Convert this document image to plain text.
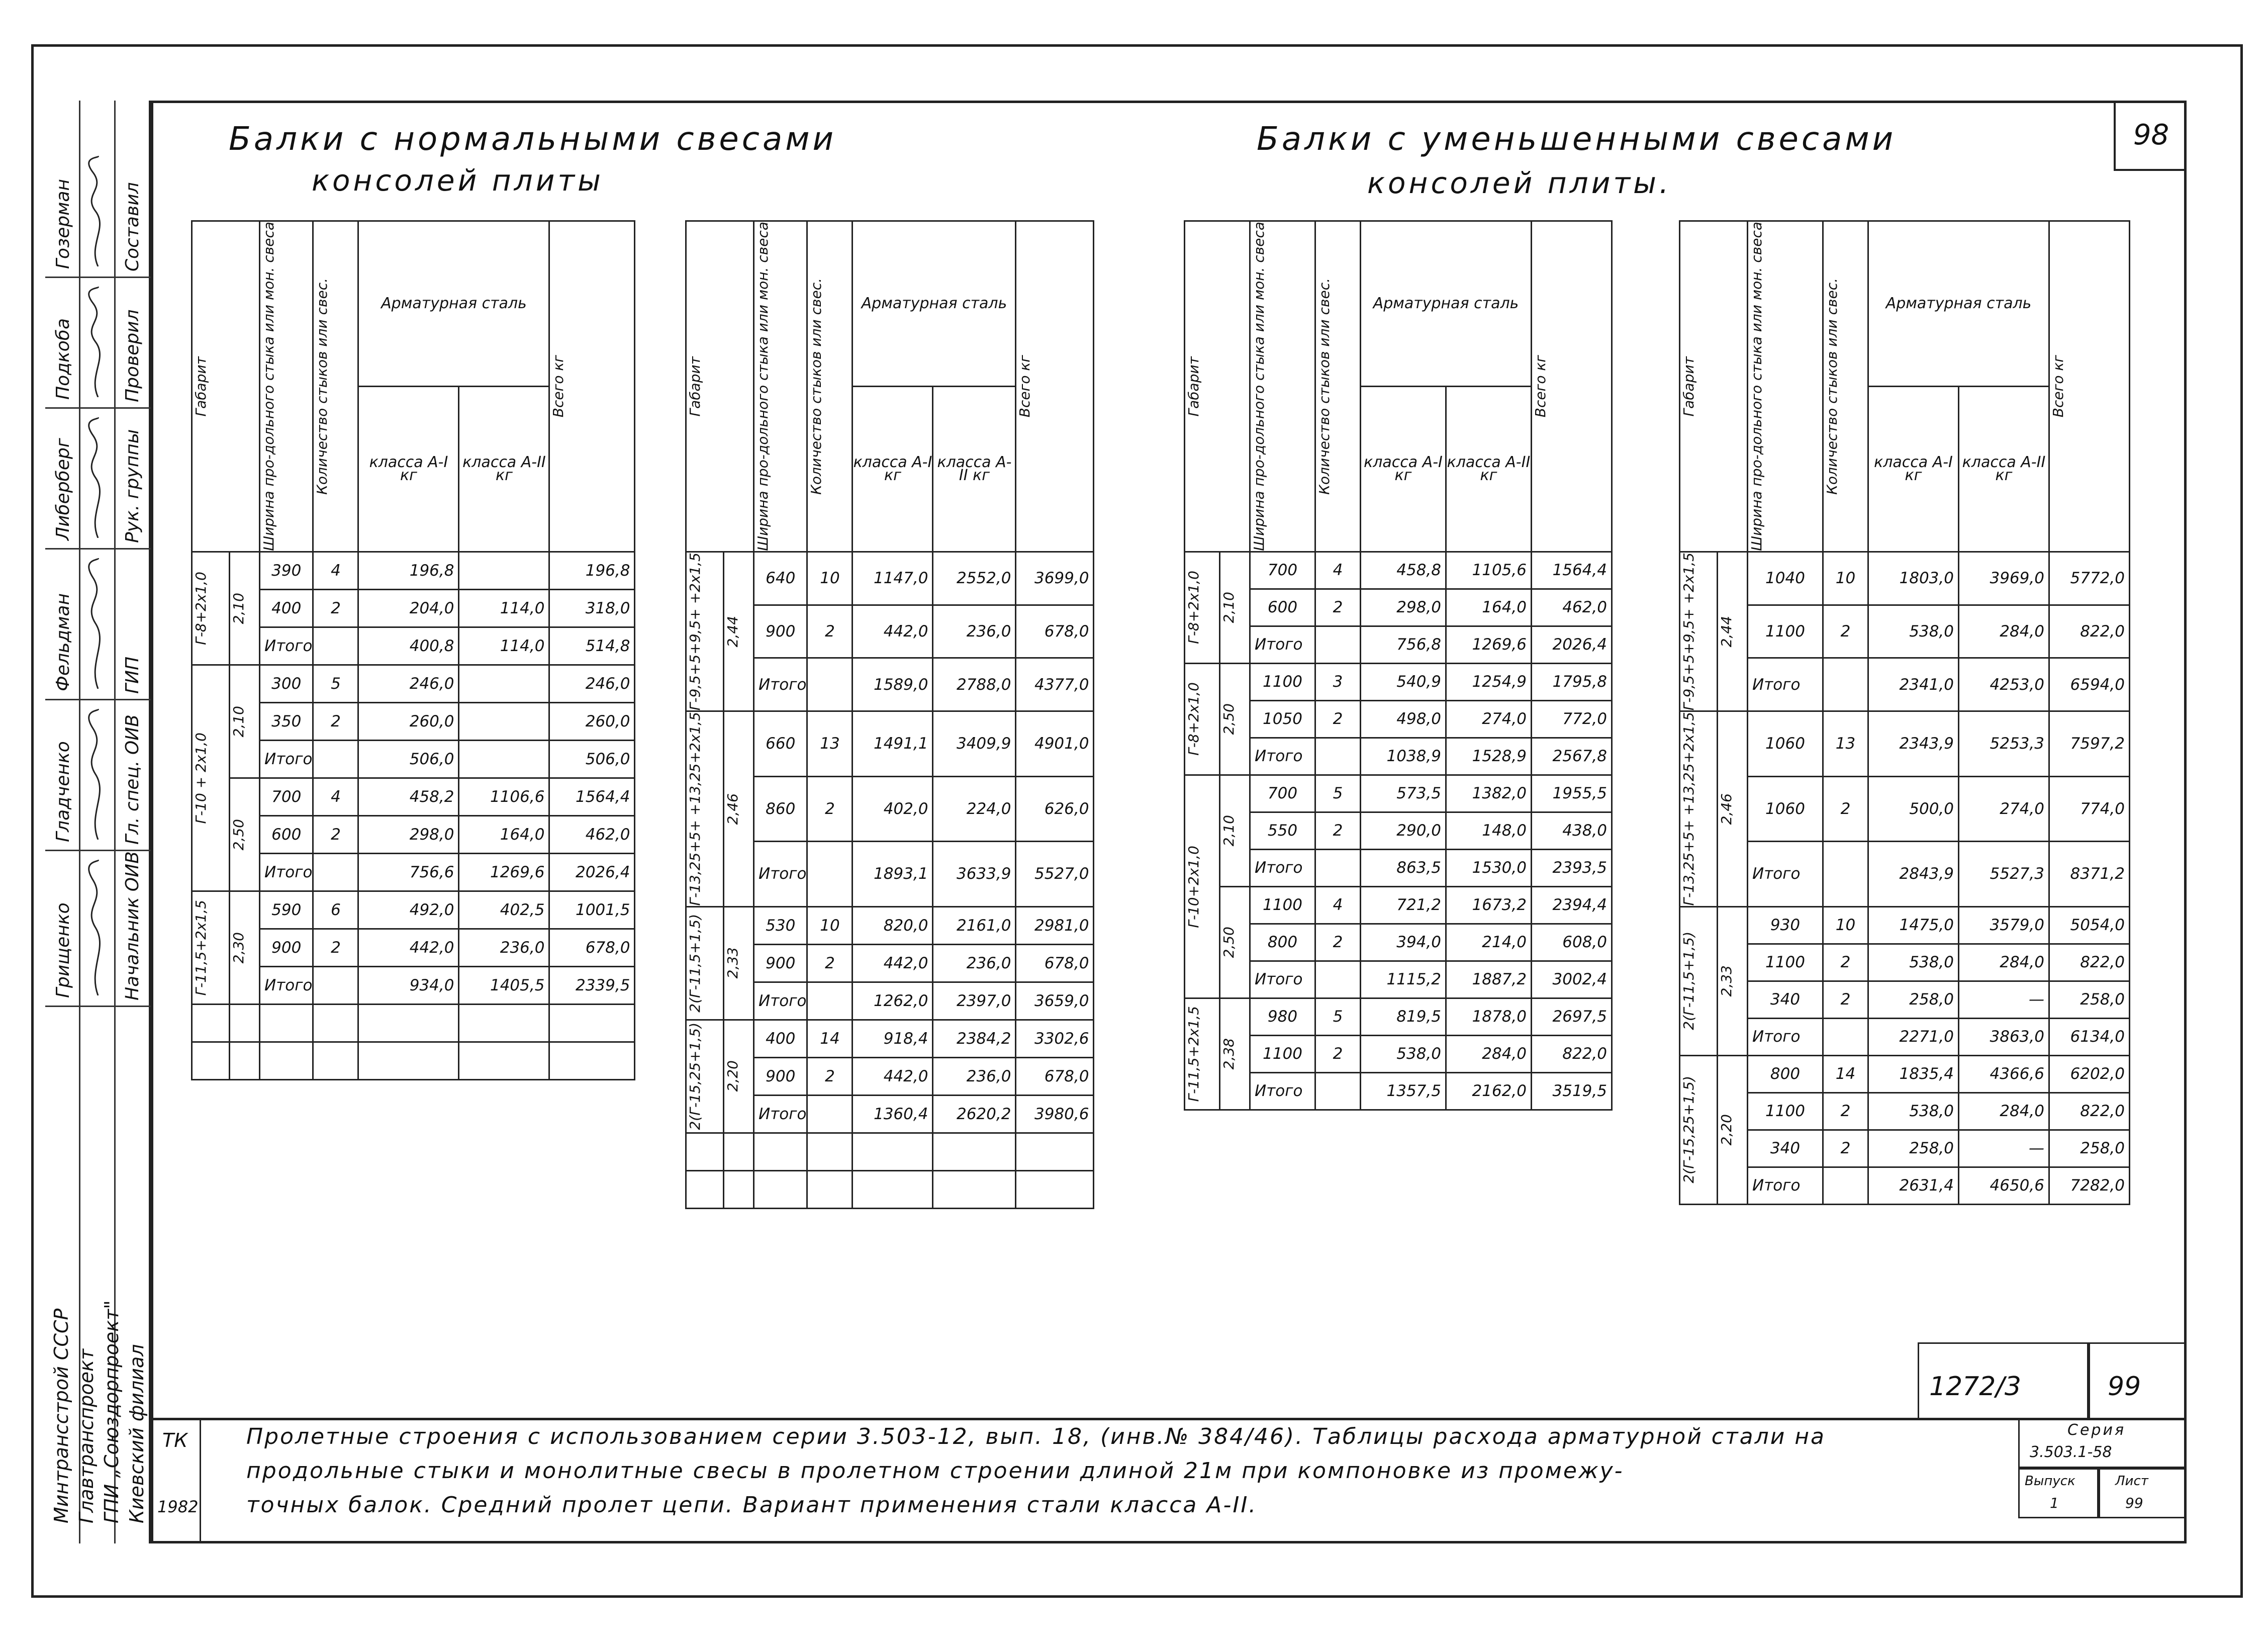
Составил
Проверил
Рук. группы
ГИП
Гл. спец. ОИВ
Начальник ОИВ
Гозерман
Подкоба
Либерберг
Фельдман
Гладченко
Грищенко
Минтрансстрой СССР Главтранспроект ГПИ „Союздорпроект" Киевский филиал
98
Балки с нормальными свесами
консолей плиты
Балки с уменьшенными свесами
консолей плиты.
Габарит		Ширина про-дольного стыка или мон. свеса	Количество стыков или свес.	Арматурная сталь		Всего кг

				класса А-I кг	класса А-II кг	

Г-8+2х1,0	2,10	390	4	196,8		196,8
		400	2	204,0	114,0	318,0
		Итого		400,8	114,0	514,8

Г-10 + 2х1,0	2,10	300	5	246,0		246,0
		350	2	260,0		260,0
		Итого		506,0		506,0

	2,50	700	4	458,2	1106,6	1564,4
		600	2	298,0	164,0	462,0
		Итого		756,6	1269,6	2026,4

Г-11,5+2х1,5	2,30	590	6	492,0	402,5	1001,5
		900	2	442,0	236,0	678,0
		Итого		934,0	1405,5	2339,5

Габарит		Ширина про-дольного стыка или мон. свеса	Количество стыков или свес.	Арматурная сталь		Всего кг

				класса А-I кг	класса А-II кг	

Г-9,5+5+9,5+ +2х1,5	2,44	640	10	1147,0	2552,0	3699,0
		900	2	442,0	236,0	678,0
		Итого		1589,0	2788,0	4377,0

Г-13,25+5+ +13,25+2х1,5	2,46	660	13	1491,1	3409,9	4901,0
		860	2	402,0	224,0	626,0
		Итого		1893,1	3633,9	5527,0

2(Г-11,5+1,5)	2,33	530	10	820,0	2161,0	2981,0
		900	2	442,0	236,0	678,0
		Итого		1262,0	2397,0	3659,0

2(Г-15,25+1,5)	2,20	400	14	918,4	2384,2	3302,6
		900	2	442,0	236,0	678,0
		Итого		1360,4	2620,2	3980,6

Габарит		Ширина про-дольного стыка или мон. свеса	Количество стыков или свес.	Арматурная сталь		Всего кг

				класса А-I кг	класса А-II кг	

Г-8+2х1,0	2,10	700	4	458,8	1105,6	1564,4
		600	2	298,0	164,0	462,0
		Итого		756,8	1269,6	2026,4

Г-8+2х1,0	2,50	1100	3	540,9	1254,9	1795,8
		1050	2	498,0	274,0	772,0
		Итого		1038,9	1528,9	2567,8

Г-10+2х1,0	2,10	700	5	573,5	1382,0	1955,5
		550	2	290,0	148,0	438,0
		Итого		863,5	1530,0	2393,5

	2,50	1100	4	721,2	1673,2	2394,4
		800	2	394,0	214,0	608,0
		Итого		1115,2	1887,2	3002,4

Г-11,5+2х1,5	2,38	980	5	819,5	1878,0	2697,5
		1100	2	538,0	284,0	822,0
		Итого		1357,5	2162,0	3519,5
Габарит		Ширина про-дольного стыка или мон. свеса	Количество стыков или свес.	Арматурная сталь		Всего кг

				класса А-I кг	класса А-II кг	

Г-9,5+5+9,5+ +2х1,5	2,44	1040	10	1803,0	3969,0	5772,0
		1100	2	538,0	284,0	822,0
		Итого		2341,0	4253,0	6594,0

Г-13,25+5+ +13,25+2х1,5	2,46	1060	13	2343,9	5253,3	7597,2
		1060	2	500,0	274,0	774,0
		Итого		2843,9	5527,3	8371,2

2(Г-11,5+1,5)	2,33	930	10	1475,0	3579,0	5054,0
		1100	2	538,0	284,0	822,0
		340	2	258,0	—	258,0
		Итого		2271,0	3863,0	6134,0

2(Г-15,25+1,5)	2,20	800	14	1835,4	4366,6	6202,0
		1100	2	538,0	284,0	822,0
		340	2	258,0	—	258,0
		Итого		2631,4	4650,6	7282,0
ТК
1982
Пролетные строения с использованием серии 3.503-12, вып. 18, (инв.№ 384/46). Таблицы расхода арматурной стали на
продольные стыки и монолитные свесы в пролетном строении длиной 21м при компоновке из промежу-
точных балок. Средний пролет цепи. Вариант применения стали класса А-II.
1272/3	99
Серия
3.503.1-58
Выпуск
1
Лист
99
